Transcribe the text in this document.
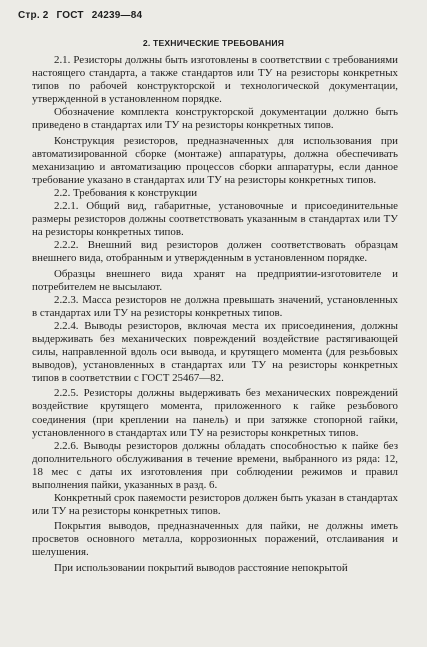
Стр. 2 ГОСТ 24239—84
2. ТЕХНИЧЕСКИЕ ТРЕБОВАНИЯ

2.1. Резисторы должны быть изготовлены в соответствии с требованиями настоящего стандарта, а также стандартов или ТУ на резисторы конкретных типов по рабочей конструкторской и технологической документации, утвержденной в установленном порядке.

Обозначение комплекта конструкторской документации должно быть приведено в стандартах или ТУ на резисторы конкретных типов.

Конструкция резисторов, предназначенных для использования при автоматизированной сборке (монтаже) аппаратуры, должна обеспечивать механизацию и автоматизацию процессов сборки аппаратуры, если данное требование указано в стандартах или ТУ на резисторы конкретных типов.

2.2. Требования к конструкции

2.2.1. Общий вид, габаритные, установочные и присоединительные размеры резисторов должны соответствовать указанным в стандартах или ТУ на резисторы конкретных типов.

2.2.2. Внешний вид резисторов должен соответствовать образцам внешнего вида, отобранным и утвержденным в установленном порядке.

Образцы внешнего вида хранят на предприятии-изготовителе и потребителем не высылают.

2.2.3. Масса резисторов не должна превышать значений, установленных в стандартах или ТУ на резисторы конкретных типов.

2.2.4. Выводы резисторов, включая места их присоединения, должны выдерживать без механических повреждений воздействие растягивающей силы, направленной вдоль оси вывода, и крутящего момента (для резьбовых выводов), установленных в стандартах или ТУ на резисторы конкретных типов в соответствии с ГОСТ 25467—82.

2.2.5. Резисторы должны выдерживать без механических повреждений воздействие крутящего момента, приложенного к гайке резьбового соединения (при креплении на панель) и при затяжке стопорной гайки, установленного в стандартах или ТУ на резисторы конкретных типов.

2.2.6. Выводы резисторов должны обладать способностью к пайке без дополнительного обслуживания в течение времени, выбранного из ряда: 12, 18 мес с даты их изготовления при соблюдении режимов и правил выполнения пайки, указанных в разд. 6.

Конкретный срок паяемости резисторов должен быть указан в стандартах или ТУ на резисторы конкретных типов.

Покрытия выводов, предназначенных для пайки, не должны иметь просветов основного металла, коррозионных поражений, отслаивания и шелушения.

При использовании покрытий выводов расстояние непокрытой
